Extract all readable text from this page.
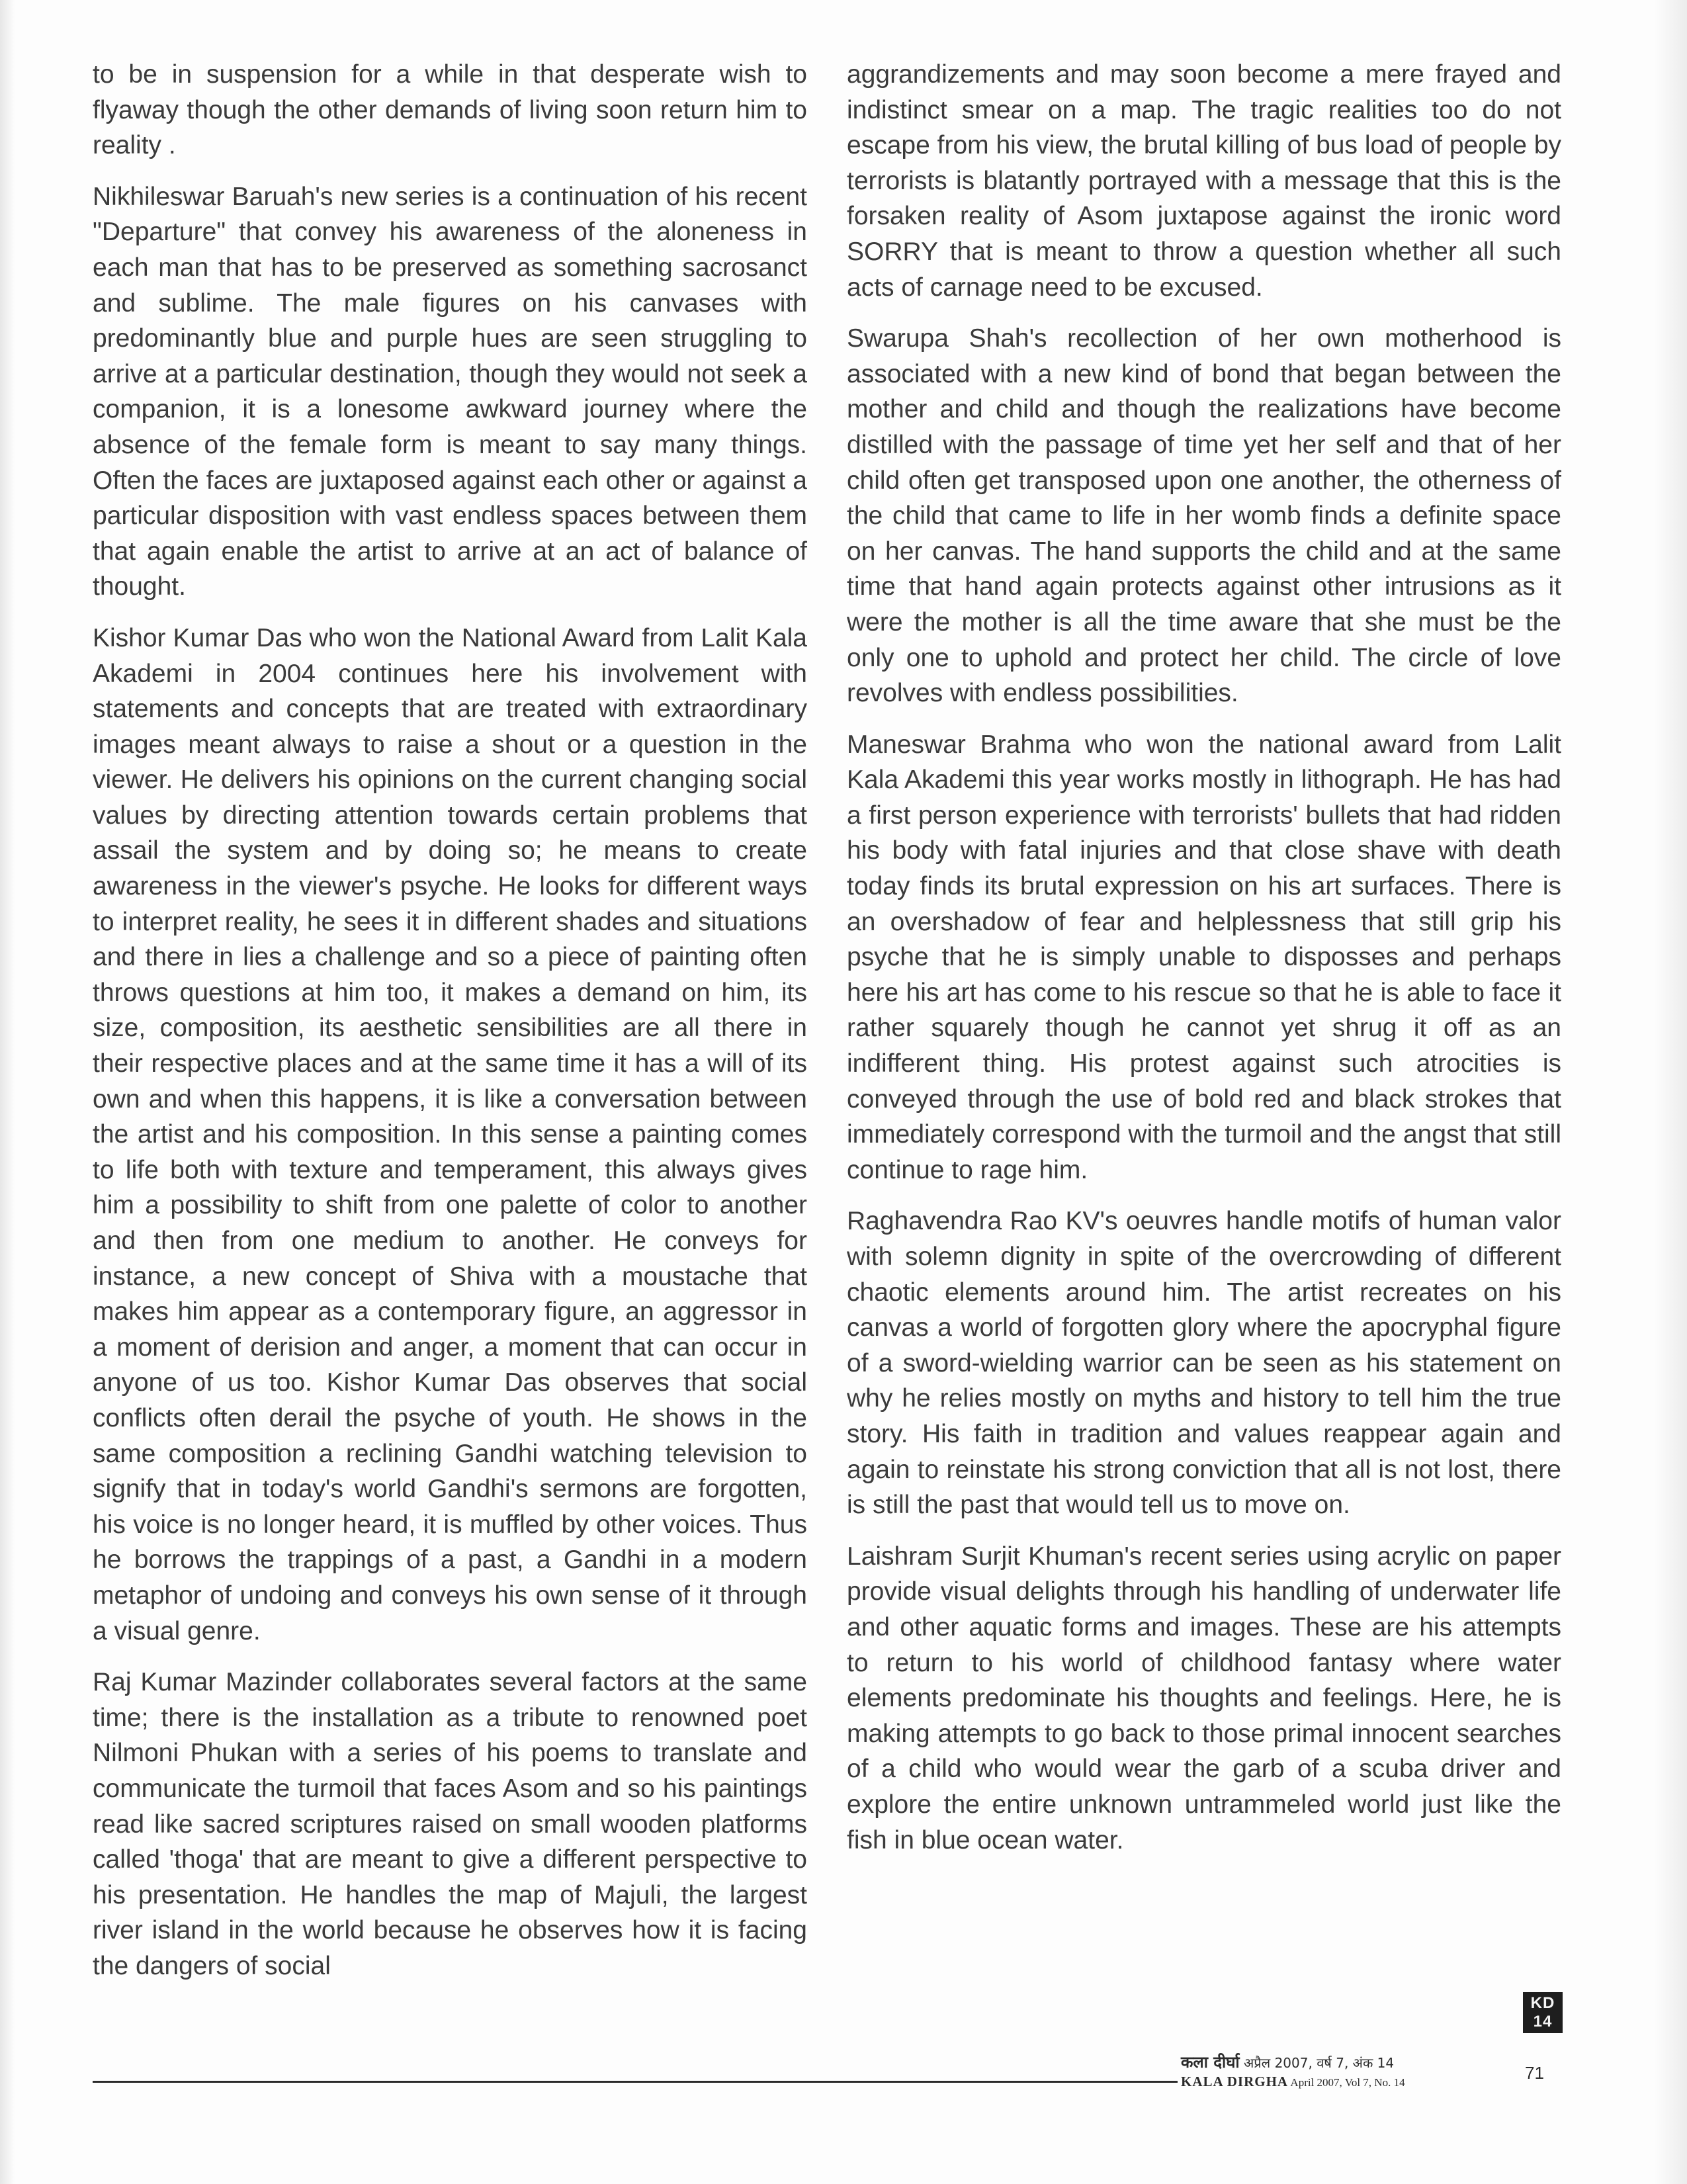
to be in suspension for a while in that desperate wish to flyaway though the other demands of living soon return him to reality .

Nikhileswar Baruah's new series is a continuation of his recent "Departure" that convey his awareness of the aloneness in each man that has to be preserved as something sacrosanct and sublime. The male figures on his canvases with predominantly blue and purple hues are seen struggling to arrive at a particular destination, though they would not seek a companion, it is a lonesome awkward journey where the absence of the female form is meant to say many things. Often the faces are juxtaposed against each other or against a particular disposition with vast endless spaces between them that again enable the artist to arrive at an act of balance of thought.

Kishor Kumar Das who won the National Award from Lalit Kala Akademi in 2004 continues here his involvement with statements and concepts that are treated with extraordinary images meant always to raise a shout or a question in the viewer. He delivers his opinions on the current changing social values by directing attention towards certain problems that assail the system and by doing so; he means to create awareness in the viewer's psyche. He looks for different ways to interpret reality, he sees it in different shades and situations and there in lies a challenge and so a piece of painting often throws questions at him too, it makes a demand on him, its size, composition, its aesthetic sensibilities are all there in their respective places and at the same time it has a will of its own and when this happens, it is like a conversation between the artist and his composition. In this sense a painting comes to life both with texture and temperament, this always gives him a possibility to shift from one palette of color to another and then from one medium to another. He conveys for instance, a new concept of Shiva with a moustache that makes him appear as a contemporary figure, an aggressor in a moment of derision and anger, a moment that can occur in anyone of us too. Kishor Kumar Das observes that social conflicts often derail the psyche of youth. He shows in the same composition a reclining Gandhi watching television to signify that in today's world Gandhi's sermons are forgotten, his voice is no longer heard, it is muffled by other voices. Thus he borrows the trappings of a past, a Gandhi in a modern metaphor of undoing and conveys his own sense of it through a visual genre.

Raj Kumar Mazinder collaborates several factors at the same time; there is the installation as a tribute to renowned poet Nilmoni Phukan with a series of his poems to translate and communicate the turmoil that faces Asom and so his paintings read like sacred scriptures raised on small wooden platforms called 'thoga' that are meant to give a different perspective to his presentation. He handles the map of Majuli, the largest river island in the world because he observes how it is facing the dangers of social

aggrandizements and may soon become a mere frayed and indistinct smear on a map. The tragic realities too do not escape from his view, the brutal killing of bus load of people by terrorists is blatantly portrayed with a message that this is the forsaken reality of Asom juxtapose against the ironic word SORRY that is meant to throw a question whether all such acts of carnage need to be excused.

Swarupa Shah's recollection of her own motherhood is associated with a new kind of bond that began between the mother and child and though the realizations have become distilled with the passage of time yet her self and that of her child often get transposed upon one another, the otherness of the child that came to life in her womb finds a definite space on her canvas. The hand supports the child and at the same time that hand again protects against other intrusions as it were the mother is all the time aware that she must be the only one to uphold and protect her child. The circle of love revolves with endless possibilities.

Maneswar Brahma who won the national award from Lalit Kala Akademi this year works mostly in lithograph. He has had a first person experience with terrorists' bullets that had ridden his body with fatal injuries and that close shave with death today finds its brutal expression on his art surfaces. There is an overshadow of fear and helplessness that still grip his psyche that he is simply unable to disposses and perhaps here his art has come to his rescue so that he is able to face it rather squarely though he cannot yet shrug it off as an indifferent thing. His protest against such atrocities is conveyed through the use of bold red and black strokes that immediately correspond with the turmoil and the angst that still continue to rage him.

Raghavendra Rao KV's oeuvres handle motifs of human valor with solemn dignity in spite of the overcrowding of different chaotic elements around him. The artist recreates on his canvas a world of forgotten glory where the apocryphal figure of a sword-wielding warrior can be seen as his statement on why he relies mostly on myths and history to tell him the true story. His faith in tradition and values reappear again and again to reinstate his strong conviction that all is not lost, there is still the past that would tell us to move on.

Laishram Surjit Khuman's recent series using acrylic on paper provide visual delights through his handling of underwater life and other aquatic forms and images. These are his attempts to return to his world of childhood fantasy where water elements predominate his thoughts and feelings. Here, he is making attempts to go back to those primal innocent searches of a child who would wear the garb of a scuba driver and explore the entire unknown untrammeled world just like the fish in blue ocean water.

KD
14
कला दीर्घा अप्रैल 2007, वर्ष 7, अंक 14
KALA DIRGHA April 2007, Vol 7, No. 14	71
